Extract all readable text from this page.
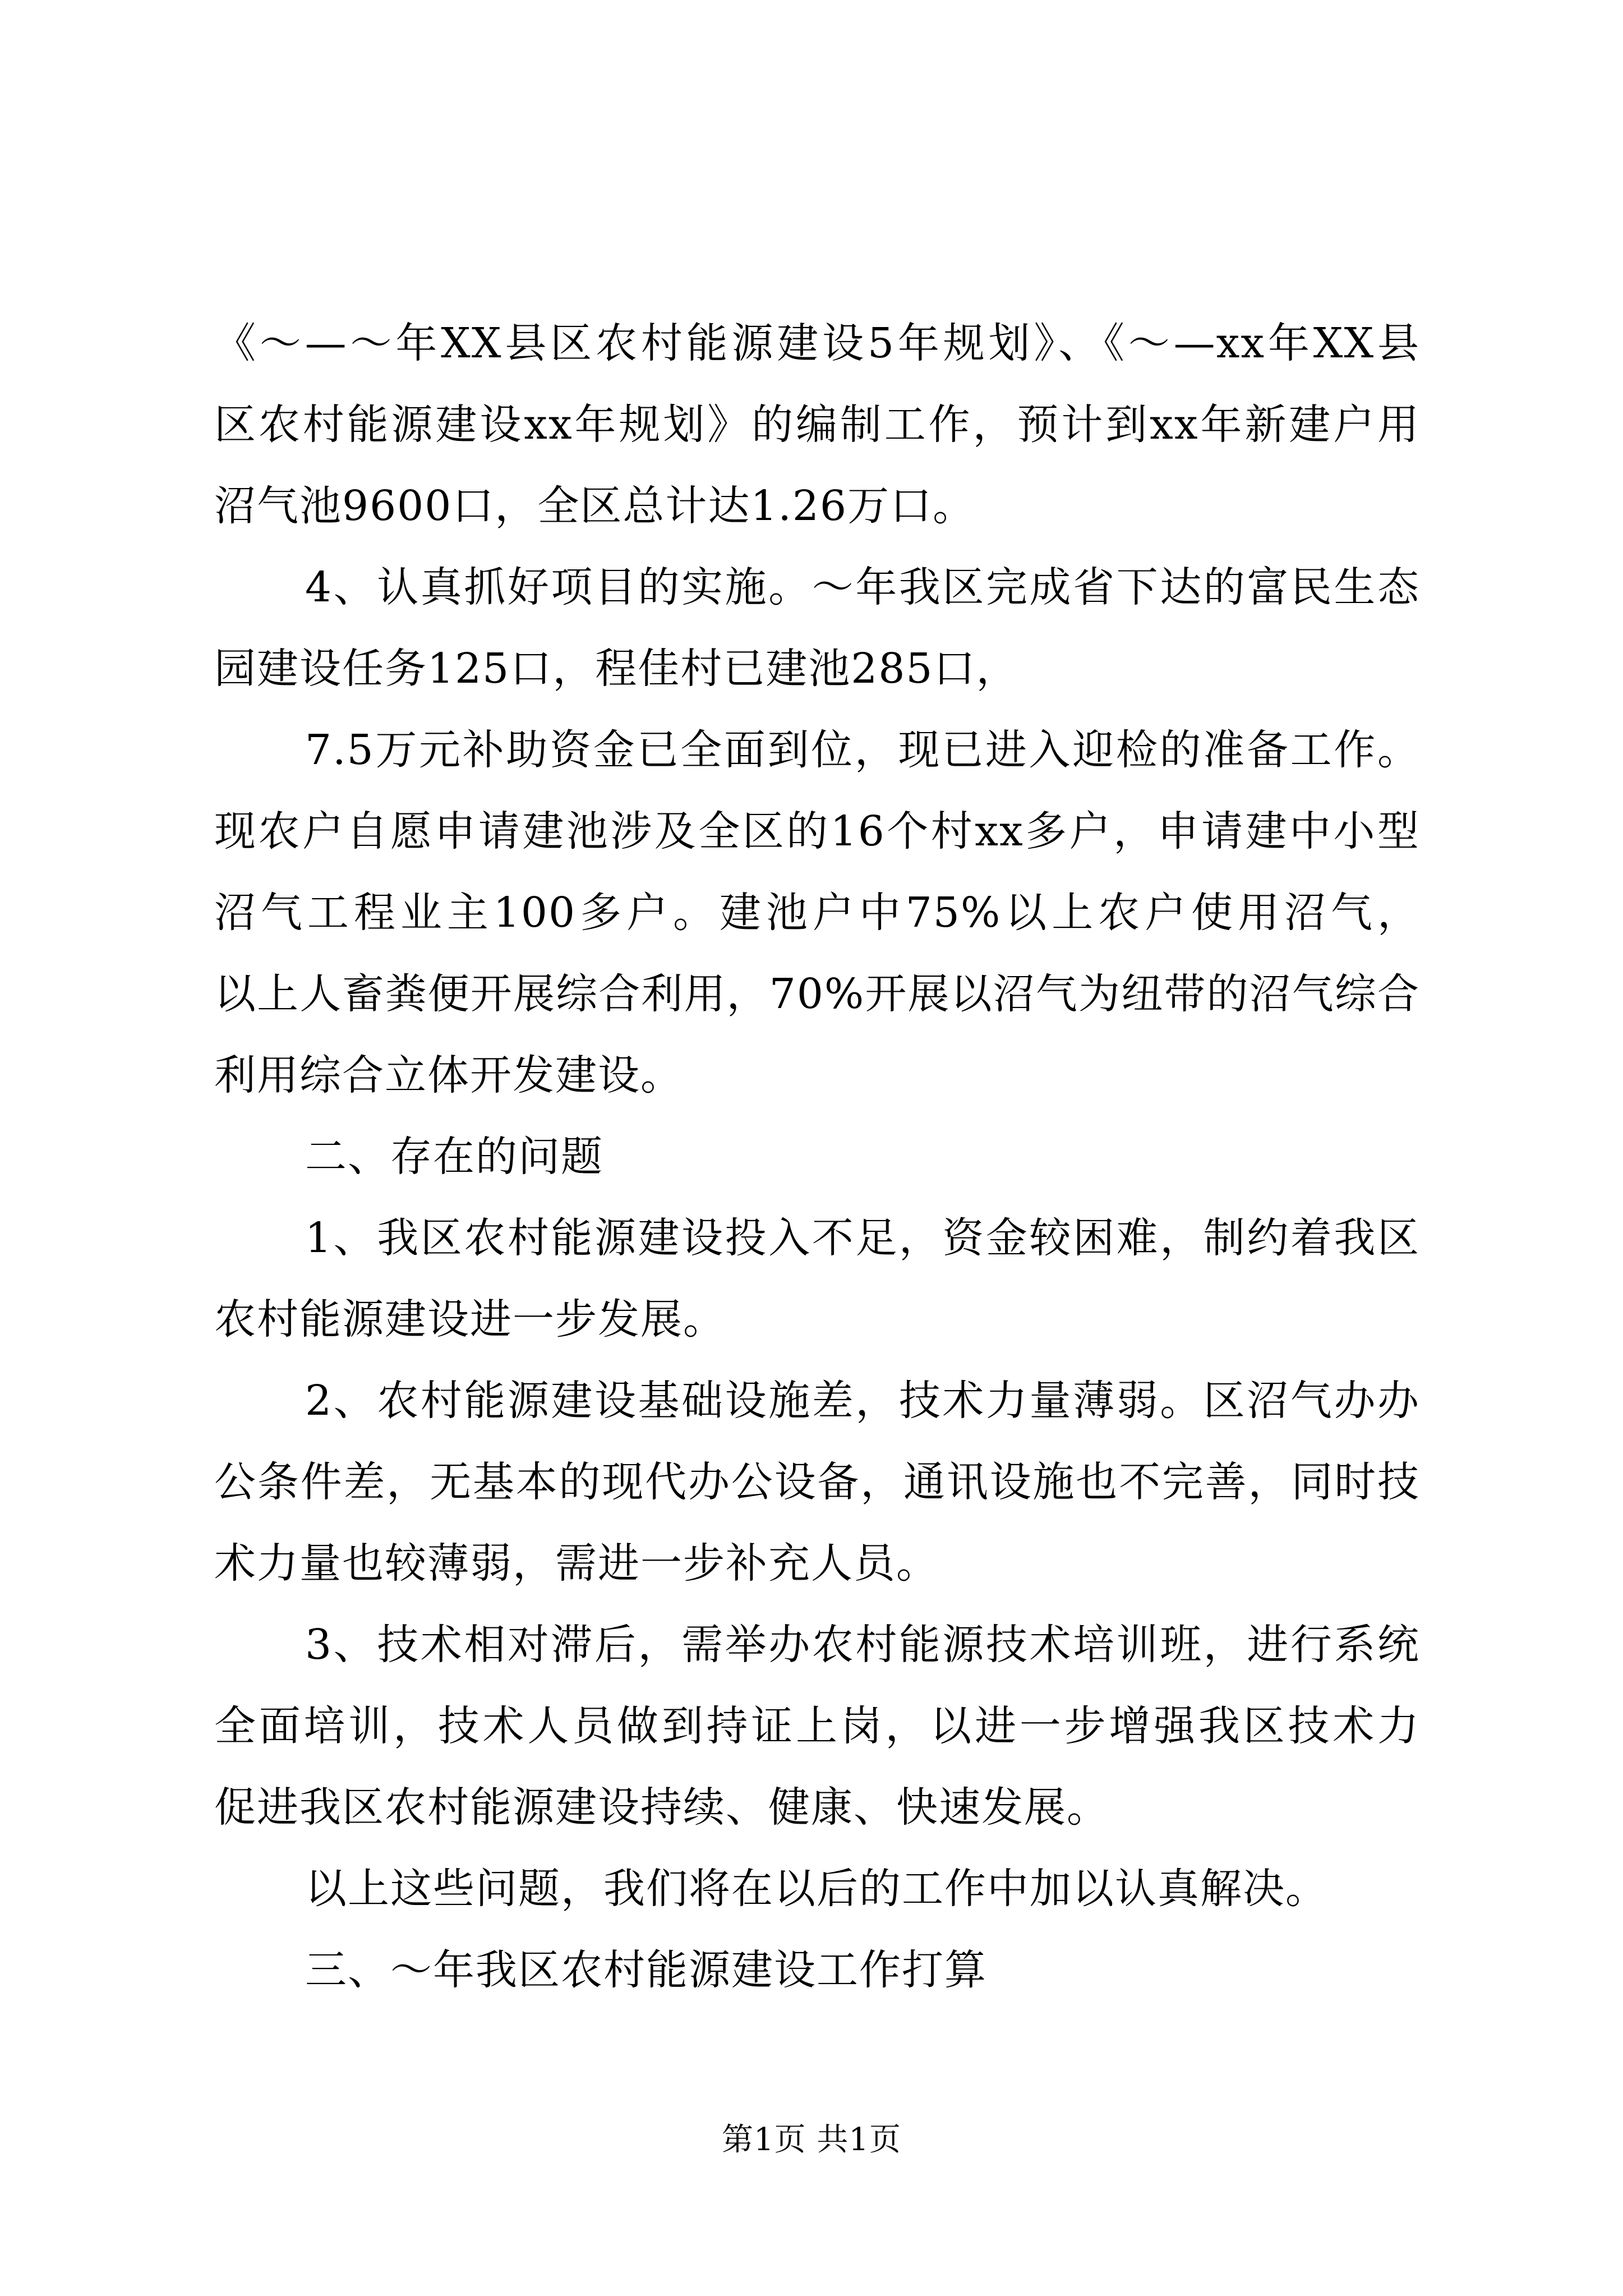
《～—～年XX县区农村能源建设5年规划》、《～—xx年XX县
区农村能源建设xx年规划》的编制工作，预计到xx年新建户用
沼气池9600口，全区总计达1.26万口。
4、认真抓好项目的实施。～年我区完成省下达的富民生态
园建设任务125口，程佳村已建池285口，
7.5万元补助资金已全面到位，现已进入迎检的准备工作。
现农户自愿申请建池涉及全区的16个村xx多户，申请建中小型
沼气工程业主100多户。建池户中75%以上农户使用沼气，
以上人畜粪便开展综合利用，70%开展以沼气为纽带的沼气综合
利用综合立体开发建设。
二、存在的问题
1、我区农村能源建设投入不足，资金较困难，制约着我区
农村能源建设进一步发展。
2、农村能源建设基础设施差，技术力量薄弱。区沼气办办
公条件差，无基本的现代办公设备，通讯设施也不完善，同时技
术力量也较薄弱，需进一步补充人员。
3、技术相对滞后，需举办农村能源技术培训班，进行系统
全面培训，技术人员做到持证上岗，以进一步增强我区技术力
促进我区农村能源建设持续、健康、快速发展。
以上这些问题，我们将在以后的工作中加以认真解决。
三、～年我区农村能源建设工作打算
第1页 共1页
